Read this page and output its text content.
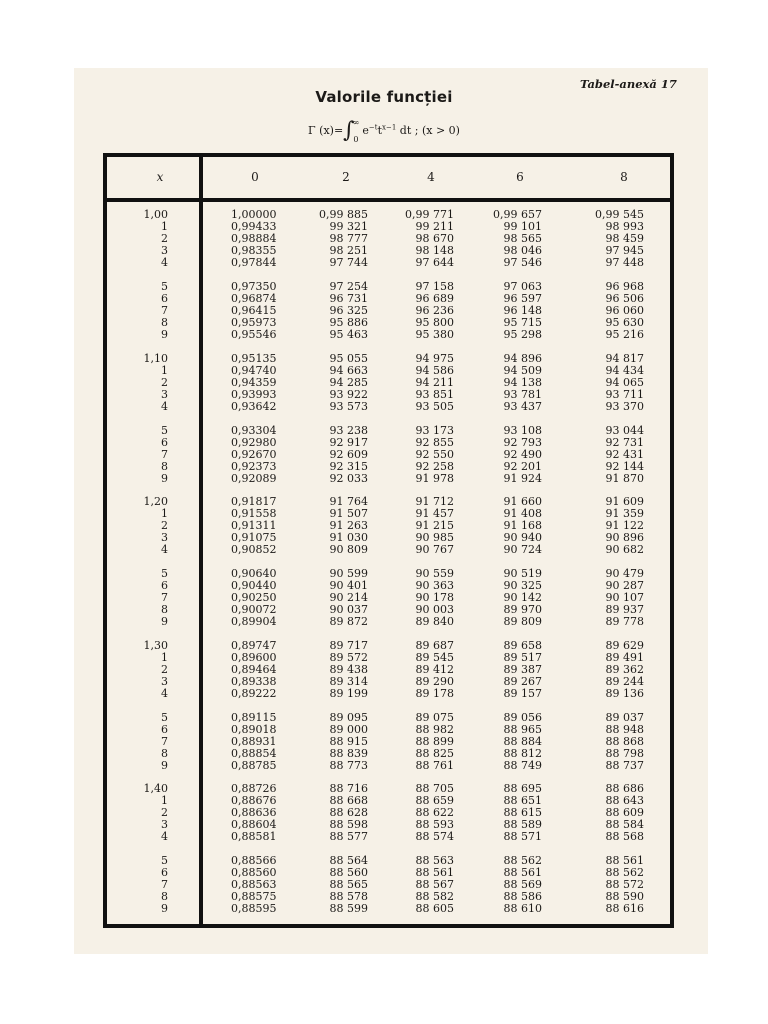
Tabel-anexă 17
Valorile funcției
Γ $(x)=\int^\infty_0e^{-t}t^{x-1}$ dt ; (x > 0)
x	0	2	4	6	8
1,00	1,00000	0,99 885	0,99 771	0,99 657	0,99 545
1	0,99433	99 321	99 211	99 101	98 993
2	0,98884	98 777	98 670	98 565	98 459
3	0,98355	98 251	98 148	98 046	97 945
4	0,97844	97 744	97 644	97 546	97 448
5	0,97350	97 254	97 158	97 063	96 968
6	0,96874	96 731	96 689	96 597	96 506
7	0,96415	96 325	96 236	96 148	96 060
8	0,95973	95 886	95 800	95 715	95 630
9	0,95546	95 463	95 380	95 298	95 216
1,10	0,95135	95 055	94 975	94 896	94 817
1	0,94740	94 663	94 586	94 509	94 434
2	0,94359	94 285	94 211	94 138	94 065
3	0,93993	93 922	93 851	93 781	93 711
4	0,93642	93 573	93 505	93 437	93 370
5	0,93304	93 238	93 173	93 108	93 044
6	0,92980	92 917	92 855	92 793	92 731
7	0,92670	92 609	92 550	92 490	92 431
8	0,92373	92 315	92 258	92 201	92 144
9	0,92089	92 033	91 978	91 924	91 870
1,20	0,91817	91 764	91 712	91 660	91 609
1	0,91558	91 507	91 457	91 408	91 359
2	0,91311	91 263	91 215	91 168	91 122
3	0,91075	91 030	90 985	90 940	90 896
4	0,90852	90 809	90 767	90 724	90 682
5	0,90640	90 599	90 559	90 519	90 479
6	0,90440	90 401	90 363	90 325	90 287
7	0,90250	90 214	90 178	90 142	90 107
8	0,90072	90 037	90 003	89 970	89 937
9	0,89904	89 872	89 840	89 809	89 778
1,30	0,89747	89 717	89 687	89 658	89 629
1	0,89600	89 572	89 545	89 517	89 491
2	0,89464	89 438	89 412	89 387	89 362
3	0,89338	89 314	89 290	89 267	89 244
4	0,89222	89 199	89 178	89 157	89 136
5	0,89115	89 095	89 075	89 056	89 037
6	0,89018	89 000	88 982	88 965	88 948
7	0,88931	88 915	88 899	88 884	88 868
8	0,88854	88 839	88 825	88 812	88 798
9	0,88785	88 773	88 761	88 749	88 737
1,40	0,88726	88 716	88 705	88 695	88 686
1	0,88676	88 668	88 659	88 651	88 643
2	0,88636	88 628	88 622	88 615	88 609
3	0,88604	88 598	88 593	88 589	88 584
4	0,88581	88 577	88 574	88 571	88 568
5	0,88566	88 564	88 563	88 562	88 561
6	0,88560	88 560	88 561	88 561	88 562
7	0,88563	88 565	88 567	88 569	88 572
8	0,88575	88 578	88 582	88 586	88 590
9	0,88595	88 599	88 605	88 610	88 616
